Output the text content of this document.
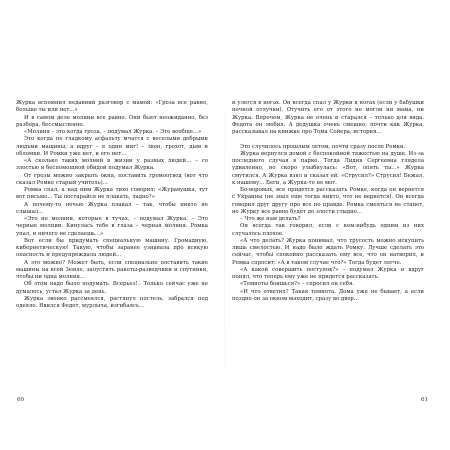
Журка вспомнил недавний разговор с мамой: «Гроза все равно, больше ты или нет...»

И в самом деле молнии все равно. Они бьют неожиданно, без разбора, бессмысленно.

«Молния – это когда гроза, – подумал Журка. – Это вообще...»

Это когда по гладкому асфальту мчатся с веселыми добрыми людьми машины, а вдруг – в один миг! – звон, грохот, дым и обломки. И Ромки уже нет, и его нет...

«А сколько таких молний в жизни у разных людей... – со злостью и беспомощной обидой подумал Журка.

От грозы можно закрыть окна, поставить громоотвод (вот что сказал Ромке старый учитель)...

Ромка спал, а над ним Журка тихо говорил: «Журавушка, тут вот письмо... Ты постарайся не плакать, ладно?»

А почему-то ночью Журка плакал – так, чтобы никто не слышал...

«Это не молнии, которые в тучах, – подумал Журка. – Это черные молнии. Кинулась тебе в глаза – черная молния. Ромка упал, и ничего не сделаешь...»

Вот если бы придумать специальную машину. Громадную, кибернетическую! Такую, чтобы заранее узнавала про всякую опасность и предупреждала людей...

А это можно? Может быть, если специально поставить такие машины на всей Земле, запустить ракеты-разведчики и спутники, чтобы ни одна молния...

Об этом надо было подумать. Всерьез!.. Только сейчас уже не думалось, устал Журка за день.

Журка звонко рассмеялся, растянул постель, забрался под одеяло. Явился Федот, мурлыча, изгибаясь...

и улегся в ногах. Он всегда спал у Журки в ногах (если у бабушки ночной отлучки). Отучить его от этого не могли ни мама, ни Журка. Впрочем, Журка не очень и старался – только для вида. Федота он любил. А дедушка очень смешно, почти как Журка, рассказывал на книжке про Тома Сойера, история...

Это случилось прошлым летом, почти сразу после Ромки.

Журка вернулся домой с беспокойной тяжестью на душе. Из-за последнего случая в парке. Тогда Лидия Сергеевна глядела удивленно, но скоро улыбнулась: «Вот, опять ты...» Журка смутился. А Журка взял и сказал ей: «Струсил?» Струсил! Бежал, к нашему... Беги, а Журка-то не мог.

Бо-воровых, все придется рассказать Ромке, когда он вернется с Украины (не знал еще тогда никто, что не вернется). Он всегда говорил друг другу про все по правде. Ромка смеяться не станет, но Журку все равно будет до злости стыдно...

– Что же нам делать?

Он всегда так говорил, если с кем-нибудь одним из них случалось плохое.

«А что делать? Журка понимал, что трусость можно искупить лишь смелостью. И надо было ждать Ромку. Лучше сделать это сейчас, чтобы спокойно рассказать ему все, что он натворил, и Ромка спросит: «А в таком случае что?» Тогда будет легче.

«А какой совершить поступок?» – подумал Журка и вдруг понял, что теперь ему уже не придется рассказать.

«Темноты боишься?» – спросил он себя.

«И что ответил? Такая темнота. Дома уже не бывает, а если поздно он за окном выходит, сразу во двор...

60	61
